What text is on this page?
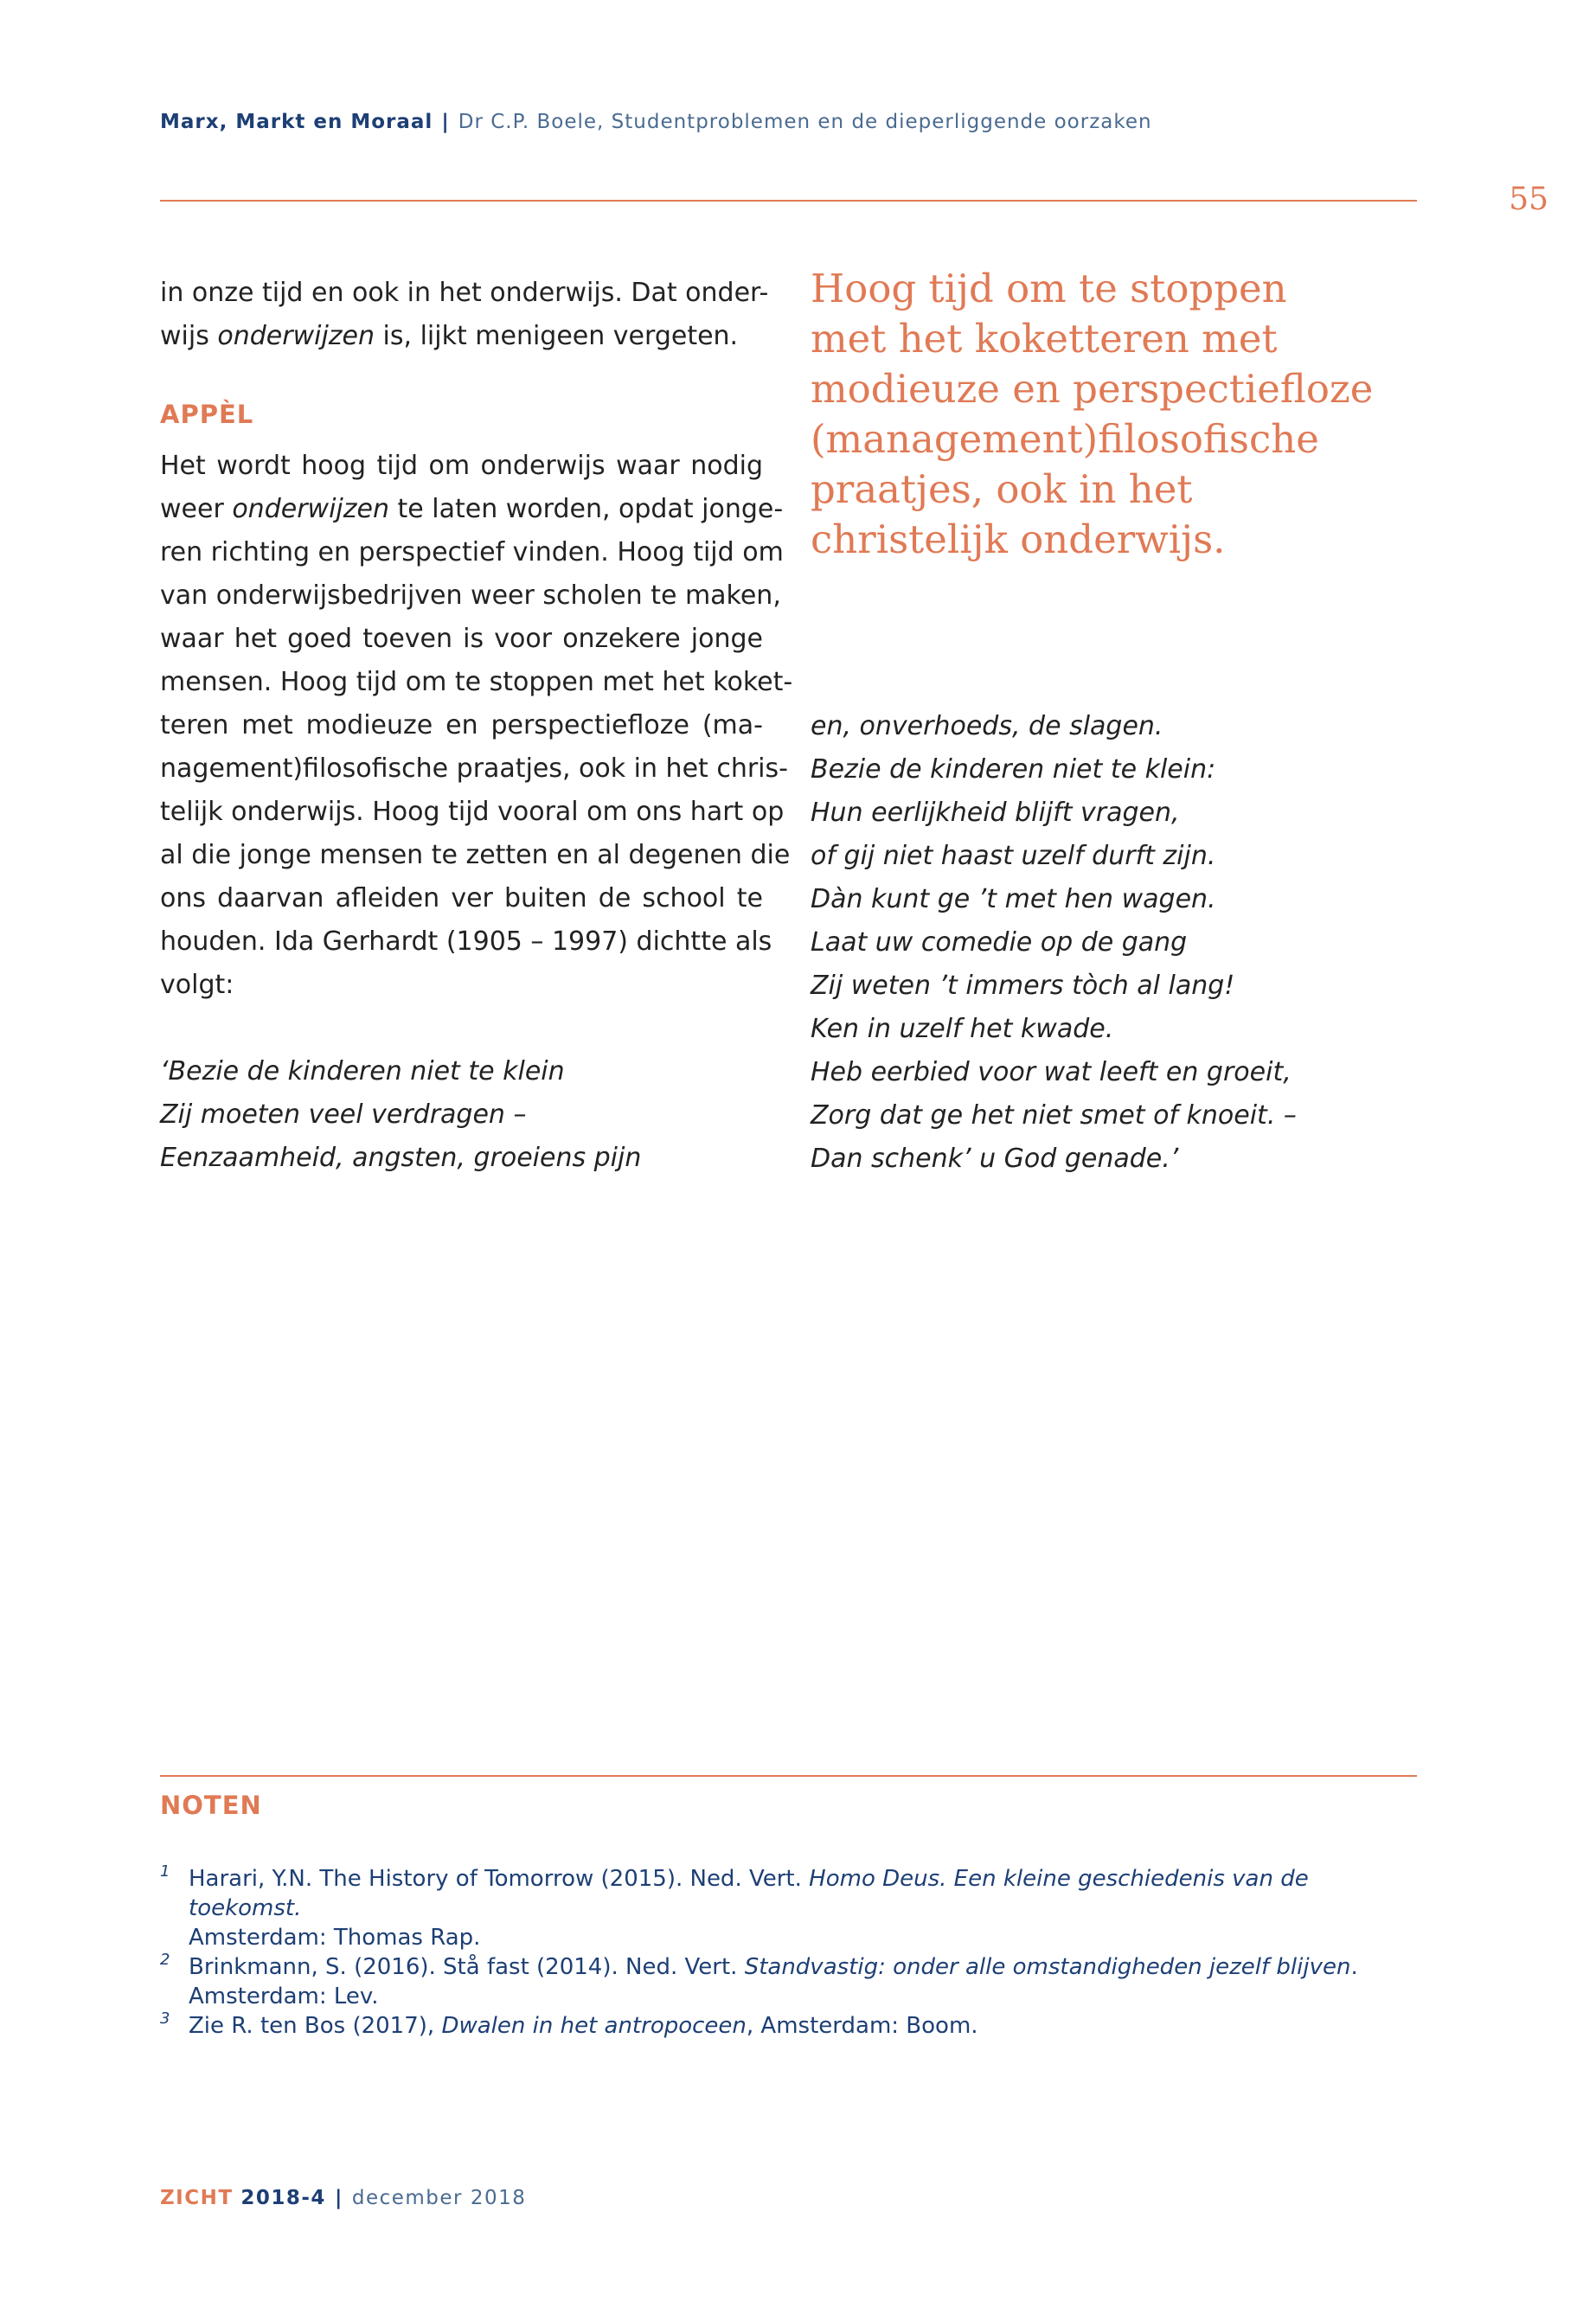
Marx, Markt en Moraal | Dr C.P. Boele, Studentproblemen en de dieperliggende oorzaken
55
in onze tijd en ook in het onderwijs. Dat onder-
wijs onderwijzen is, lijkt menigeen vergeten.
APPÈL
Het wordt hoog tijd om onderwijs waar nodig
weer onderwijzen te laten worden, opdat jonge-
ren richting en perspectief vinden. Hoog tijd om
van onderwijsbedrijven weer scholen te maken,
waar het goed toeven is voor onzekere jonge
mensen. Hoog tijd om te stoppen met het koket-
teren met modieuze en perspectiefloze (ma-
nagement)filosofische praatjes, ook in het chris-
telijk onderwijs. Hoog tijd vooral om ons hart op
al die jonge mensen te zetten en al degenen die
ons daarvan afleiden ver buiten de school te
houden. Ida Gerhardt (1905 – 1997) dichtte als
volgt:
‘Bezie de kinderen niet te klein
Zij moeten veel verdragen –
Eenzaamheid, angsten, groeiens pijn
Hoog tijd om te stoppen
met het koketteren met
modieuze en perspectiefloze
(management)filosofische
praatjes, ook in het
christelijk onderwijs.
en, onverhoeds, de slagen.
Bezie de kinderen niet te klein:
Hun eerlijkheid blijft vragen,
of gij niet haast uzelf durft zijn.
Dàn kunt ge ’t met hen wagen.
Laat uw comedie op de gang
Zij weten ’t immers tòch al lang!
Ken in uzelf het kwade.
Heb eerbied voor wat leeft en groeit,
Zorg dat ge het niet smet of knoeit. –
Dan schenk’ u God genade.’
NOTEN
1 Harari, Y.N. The History of Tomorrow (2015). Ned. Vert. Homo Deus. Een kleine geschiedenis van de toekomst.
Amsterdam: Thomas Rap.
2 Brinkmann, S. (2016). Stå fast (2014). Ned. Vert. Standvastig: onder alle omstandigheden jezelf blijven.
Amsterdam: Lev.
3 Zie R. ten Bos (2017), Dwalen in het antropoceen, Amsterdam: Boom.
ZICHT 2018-4 | december 2018
